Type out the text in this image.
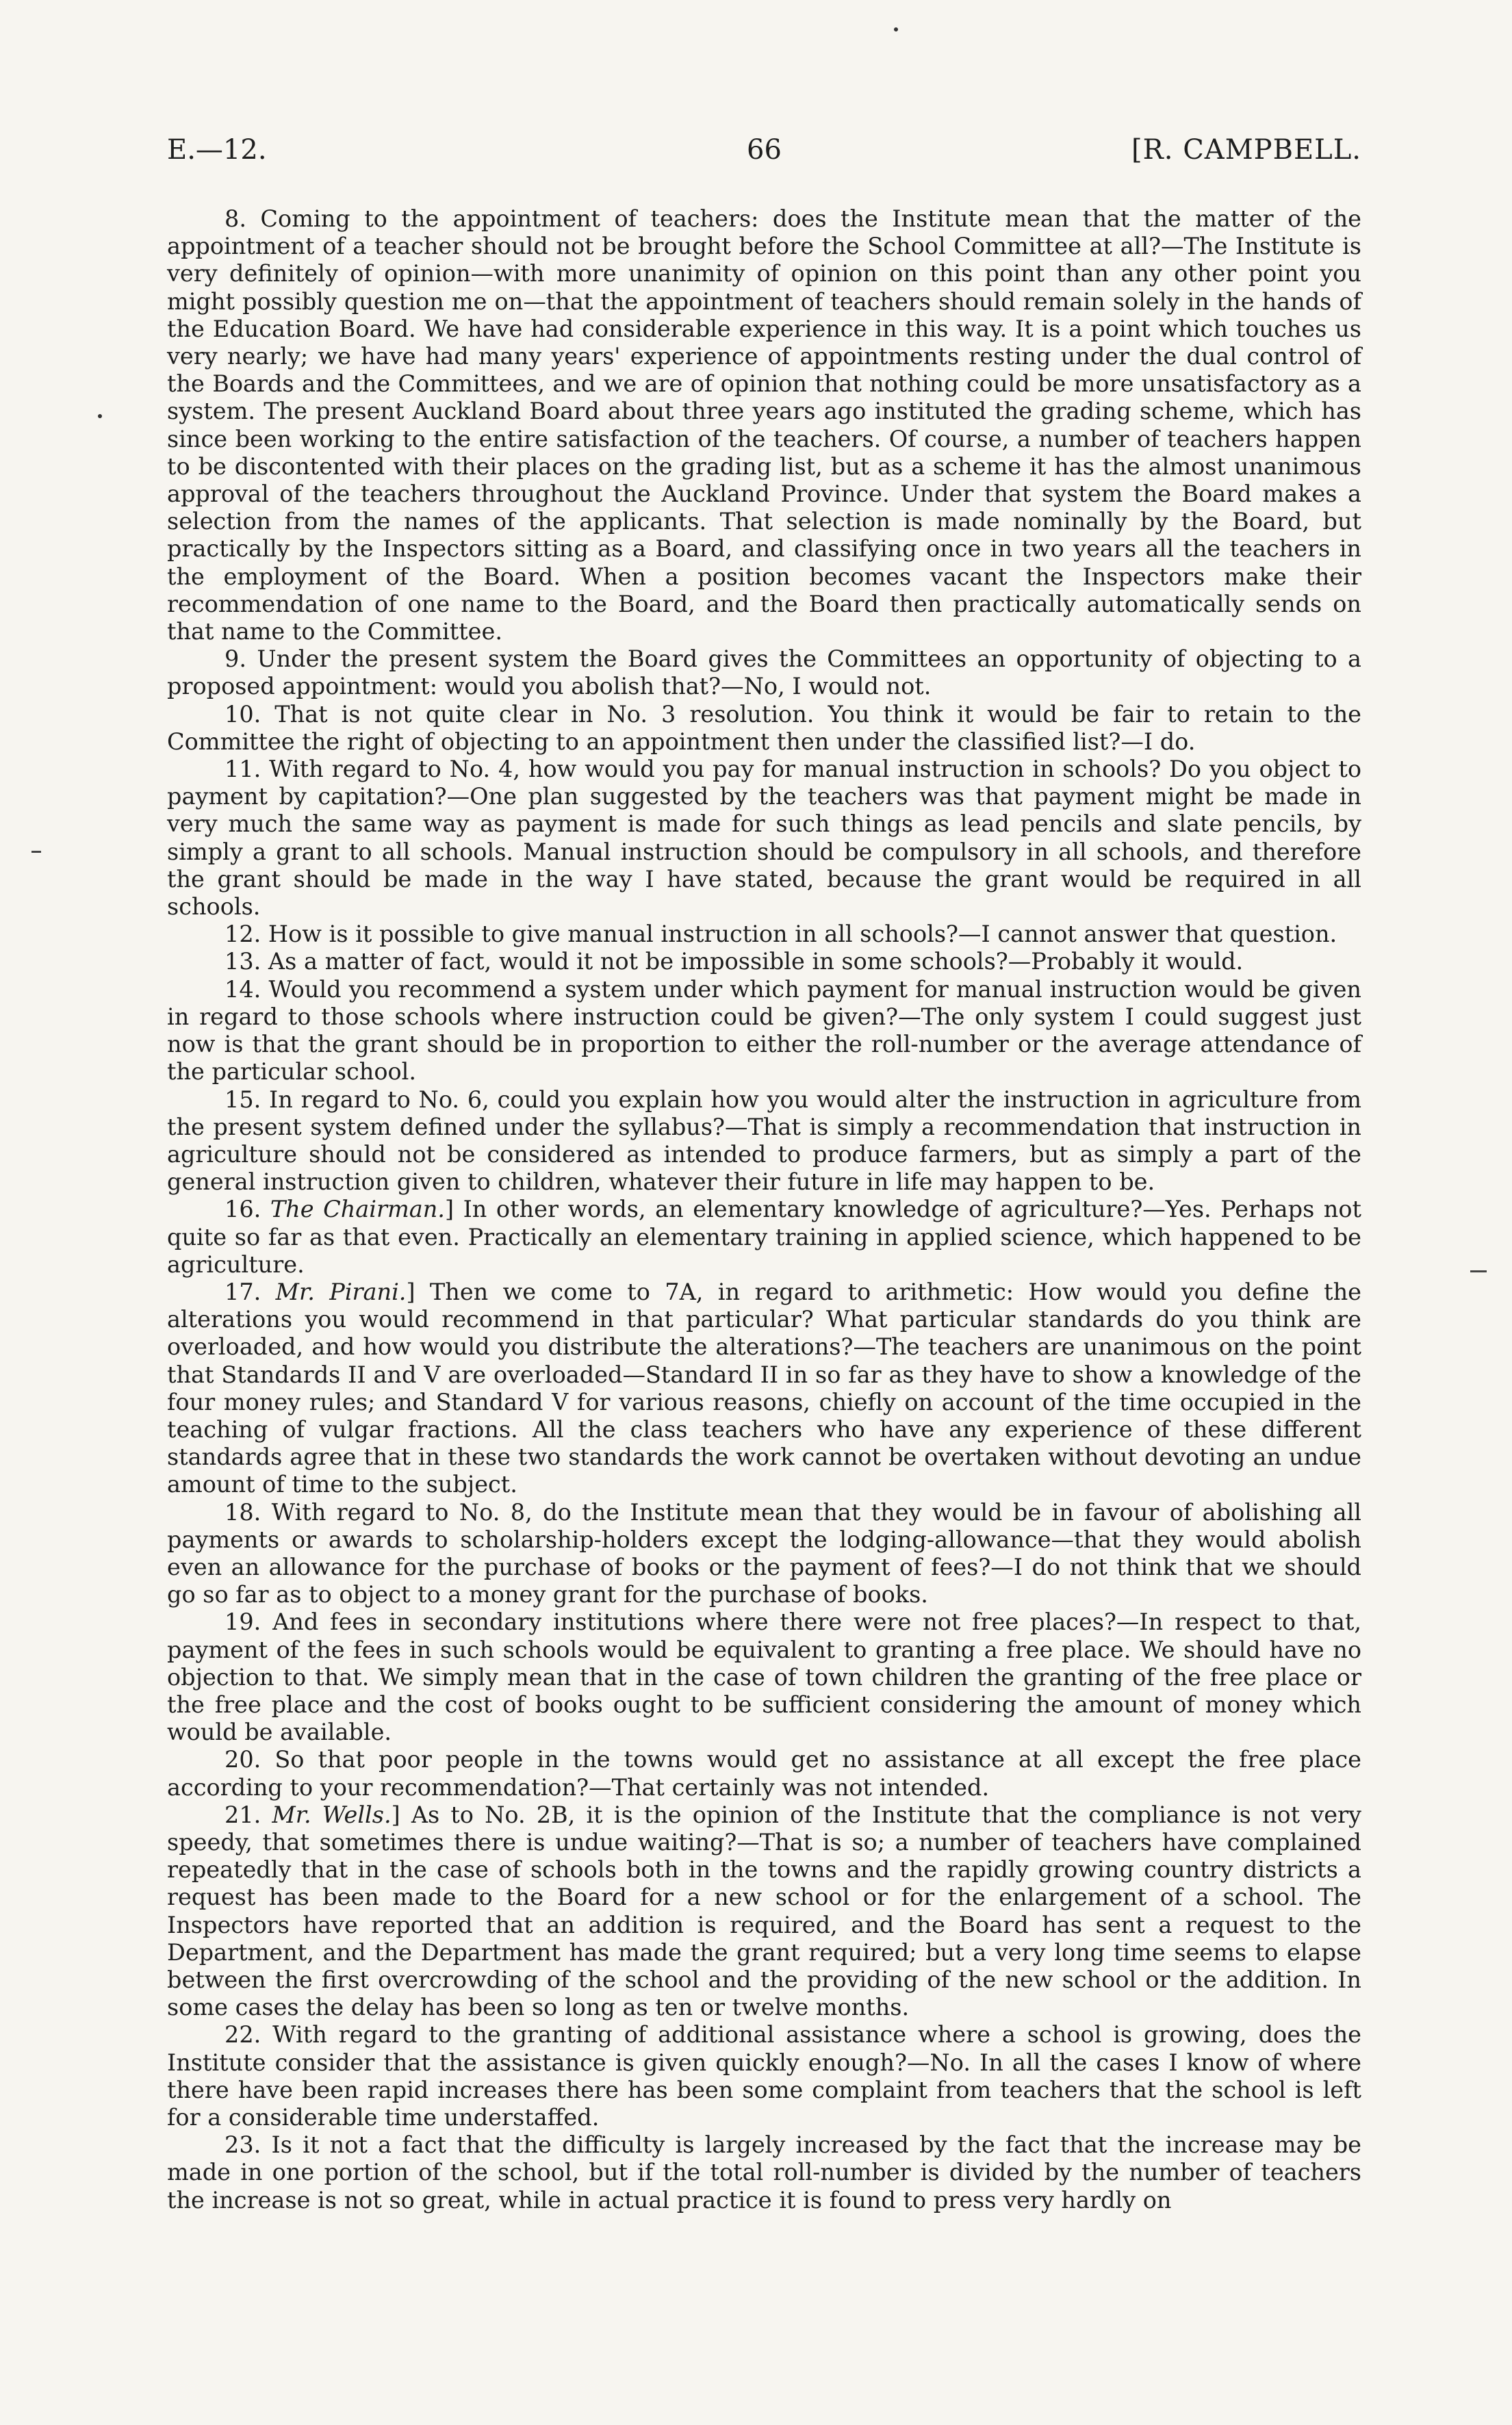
E.—12.	66	[R. CAMPBELL.

8. Coming to the appointment of teachers: does the Institute mean that the matter of the appointment of a teacher should not be brought before the School Committee at all?—The Institute is very definitely of opinion—with more unanimity of opinion on this point than any other point you might possibly question me on—that the appointment of teachers should remain solely in the hands of the Education Board. We have had considerable experience in this way. It is a point which touches us very nearly; we have had many years' experience of appointments resting under the dual control of the Boards and the Committees, and we are of opinion that nothing could be more unsatisfactory as a system. The present Auckland Board about three years ago instituted the grading scheme, which has since been working to the entire satisfaction of the teachers. Of course, a number of teachers happen to be discontented with their places on the grading list, but as a scheme it has the almost unanimous approval of the teachers throughout the Auckland Province. Under that system the Board makes a selection from the names of the applicants. That selection is made nominally by the Board, but practically by the Inspectors sitting as a Board, and classifying once in two years all the teachers in the employment of the Board. When a position becomes vacant the Inspectors make their recommendation of one name to the Board, and the Board then practically automatically sends on that name to the Committee.

9. Under the present system the Board gives the Committees an opportunity of objecting to a proposed appointment: would you abolish that?—No, I would not.

10. That is not quite clear in No. 3 resolution. You think it would be fair to retain to the Committee the right of objecting to an appointment then under the classified list?—I do.

11. With regard to No. 4, how would you pay for manual instruction in schools? Do you object to payment by capitation?—One plan suggested by the teachers was that payment might be made in very much the same way as payment is made for such things as lead pencils and slate pencils, by simply a grant to all schools. Manual instruction should be compulsory in all schools, and therefore the grant should be made in the way I have stated, because the grant would be required in all schools.

12. How is it possible to give manual instruction in all schools?—I cannot answer that question.

13. As a matter of fact, would it not be impossible in some schools?—Probably it would.

14. Would you recommend a system under which payment for manual instruction would be given in regard to those schools where instruction could be given?—The only system I could suggest just now is that the grant should be in proportion to either the roll-number or the average attendance of the particular school.

15. In regard to No. 6, could you explain how you would alter the instruction in agriculture from the present system defined under the syllabus?—That is simply a recommendation that instruction in agriculture should not be considered as intended to produce farmers, but as simply a part of the general instruction given to children, whatever their future in life may happen to be.

16. The Chairman.] In other words, an elementary knowledge of agriculture?—Yes. Perhaps not quite so far as that even. Practically an elementary training in applied science, which happened to be agriculture.

17. Mr. Pirani.] Then we come to 7A, in regard to arithmetic: How would you define the alterations you would recommend in that particular? What particular standards do you think are overloaded, and how would you distribute the alterations?—The teachers are unanimous on the point that Standards II and V are overloaded—Standard II in so far as they have to show a knowledge of the four money rules; and Standard V for various reasons, chiefly on account of the time occupied in the teaching of vulgar fractions. All the class teachers who have any experience of these different standards agree that in these two standards the work cannot be overtaken without devoting an undue amount of time to the subject.

18. With regard to No. 8, do the Institute mean that they would be in favour of abolishing all payments or awards to scholarship-holders except the lodging-allowance—that they would abolish even an allowance for the purchase of books or the payment of fees?—I do not think that we should go so far as to object to a money grant for the purchase of books.

19. And fees in secondary institutions where there were not free places?—In respect to that, payment of the fees in such schools would be equivalent to granting a free place. We should have no objection to that. We simply mean that in the case of town children the granting of the free place or the free place and the cost of books ought to be sufficient considering the amount of money which would be available.

20. So that poor people in the towns would get no assistance at all except the free place according to your recommendation?—That certainly was not intended.

21. Mr. Wells.] As to No. 2B, it is the opinion of the Institute that the compliance is not very speedy, that sometimes there is undue waiting?—That is so; a number of teachers have complained repeatedly that in the case of schools both in the towns and the rapidly growing country districts a request has been made to the Board for a new school or for the enlargement of a school. The Inspectors have reported that an addition is required, and the Board has sent a request to the Department, and the Department has made the grant required; but a very long time seems to elapse between the first overcrowding of the school and the providing of the new school or the addition. In some cases the delay has been so long as ten or twelve months.

22. With regard to the granting of additional assistance where a school is growing, does the Institute consider that the assistance is given quickly enough?—No. In all the cases I know of where there have been rapid increases there has been some complaint from teachers that the school is left for a considerable time understaffed.

23. Is it not a fact that the difficulty is largely increased by the fact that the increase may be made in one portion of the school, but if the total roll-number is divided by the number of teachers the increase is not so great, while in actual practice it is found to press very hardly on
